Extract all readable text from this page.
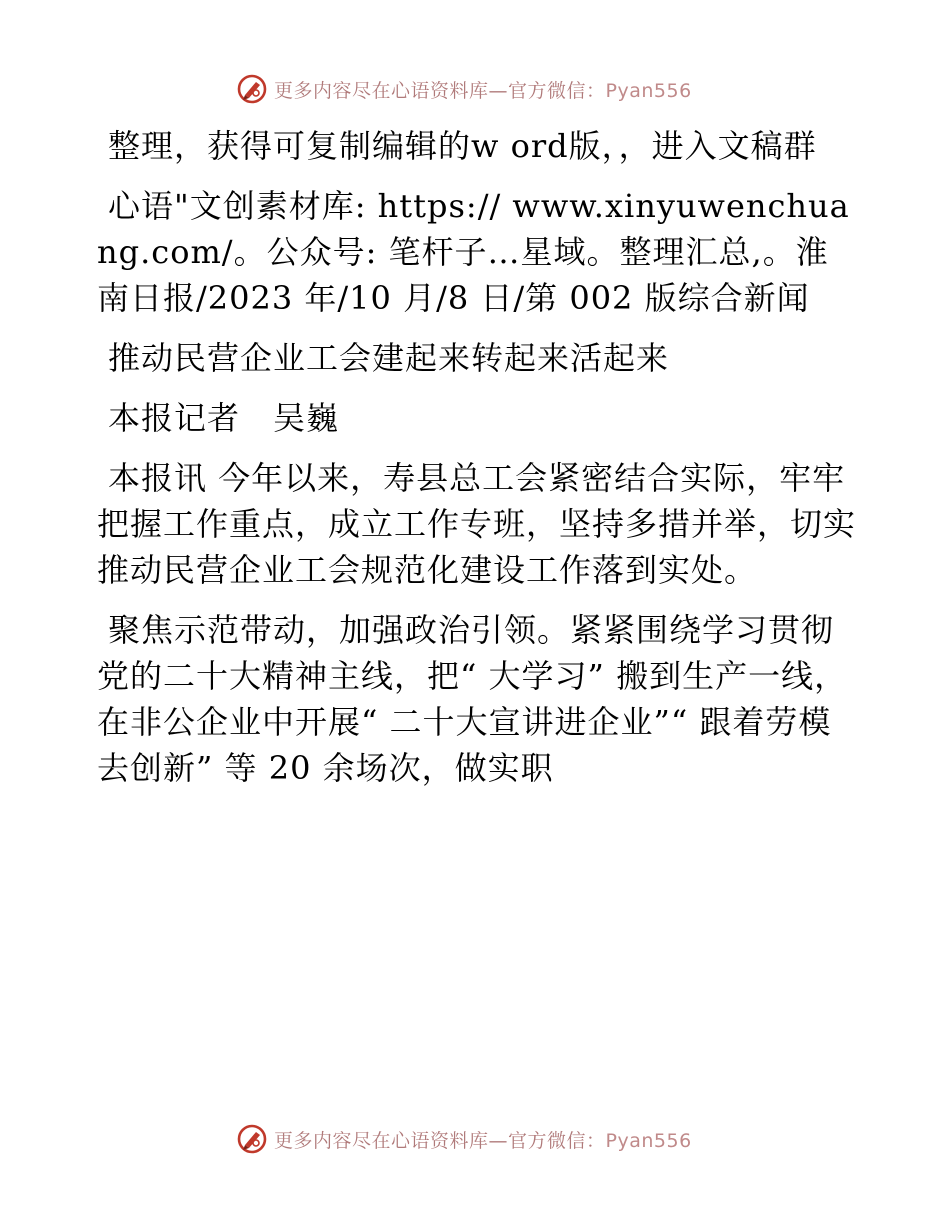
更多内容尽在心语资料库—官方微信：Pyan556

整理，获得可复制编辑的w ord版，，进入文稿群

心语"文创素材库: https:// www.xinyuwenchuang.com/。公众号: 笔杆子…星域。整理汇总,。淮南日报/2023 年/10 月/8 日/第 002 版综合新闻

推动民营企业工会建起来转起来活起来

本报记者　吴巍

本报讯 今年以来，寿县总工会紧密结合实际，牢牢把握工作重点，成立工作专班，坚持多措并举，切实推动民营企业工会规范化建设工作落到实处。

聚焦示范带动，加强政治引领。紧紧围绕学习贯彻党的二十大精神主线，把“ 大学习” 搬到生产一线，在非公企业中开展“ 二十大宣讲进企业”“ 跟着劳模去创新” 等 20 余场次，做实职

更多内容尽在心语资料库—官方微信：Pyan556
